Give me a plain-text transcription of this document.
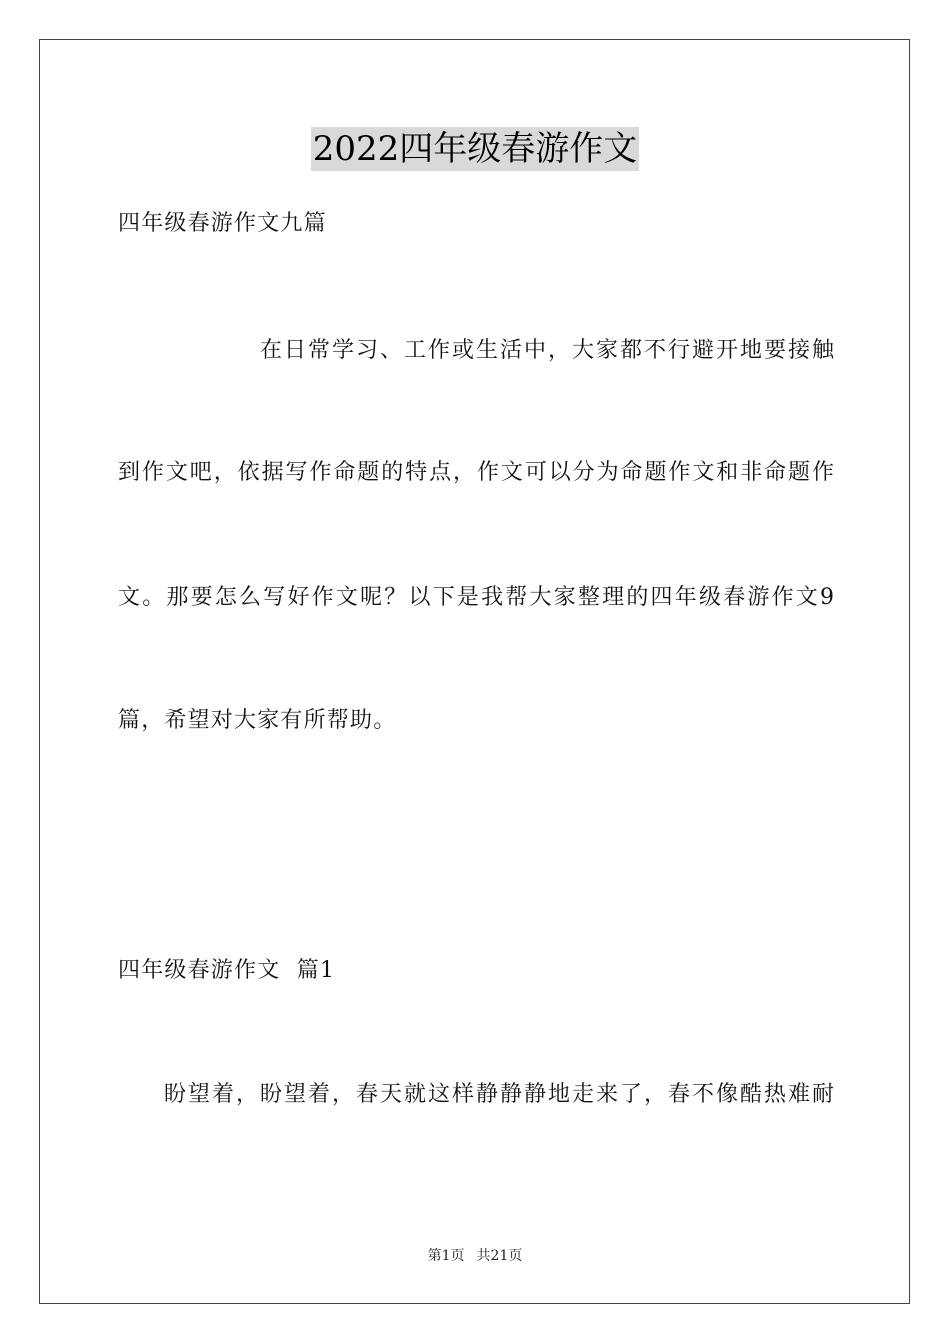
2022四年级春游作文
四年级春游作文九篇
在日常学习、工作或生活中，大家都不行避开地要接触
到作文吧，依据写作命题的特点，作文可以分为命题作文和非命题作
文。那要怎么写好作文呢？以下是我帮大家整理的四年级春游作文9
篇，希望对大家有所帮助。
四年级春游作文  篇1
盼望着，盼望着，春天就这样静静静地走来了，春不像酷热难耐
第1页 共21页
